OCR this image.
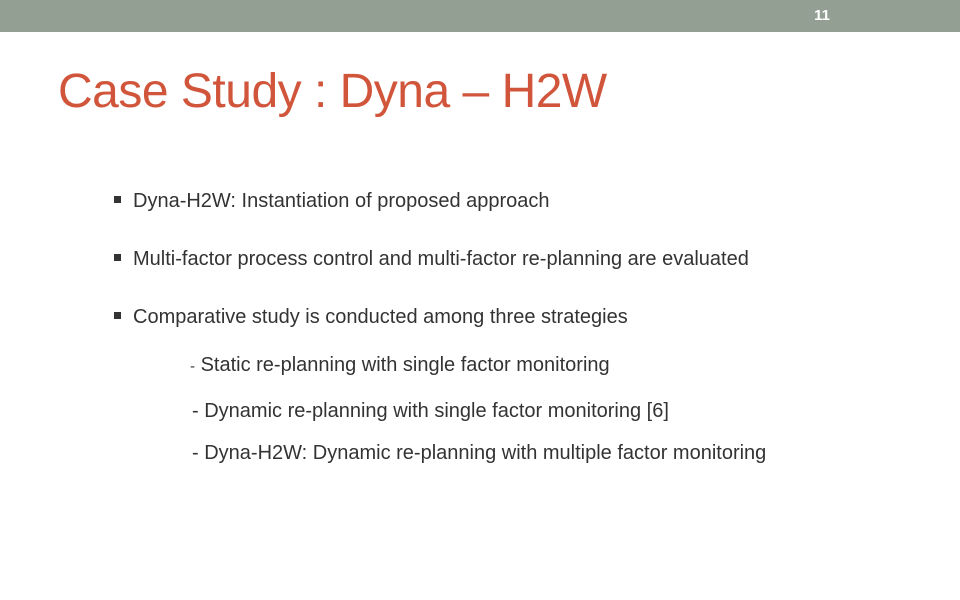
11
Case Study : Dyna – H2W
Dyna-H2W: Instantiation of proposed approach
Multi-factor process control and multi-factor re-planning are evaluated
Comparative study is conducted among three strategies
- Static re-planning with single factor monitoring
- Dynamic re-planning with single factor monitoring [6]
- Dyna-H2W: Dynamic re-planning with multiple factor monitoring
